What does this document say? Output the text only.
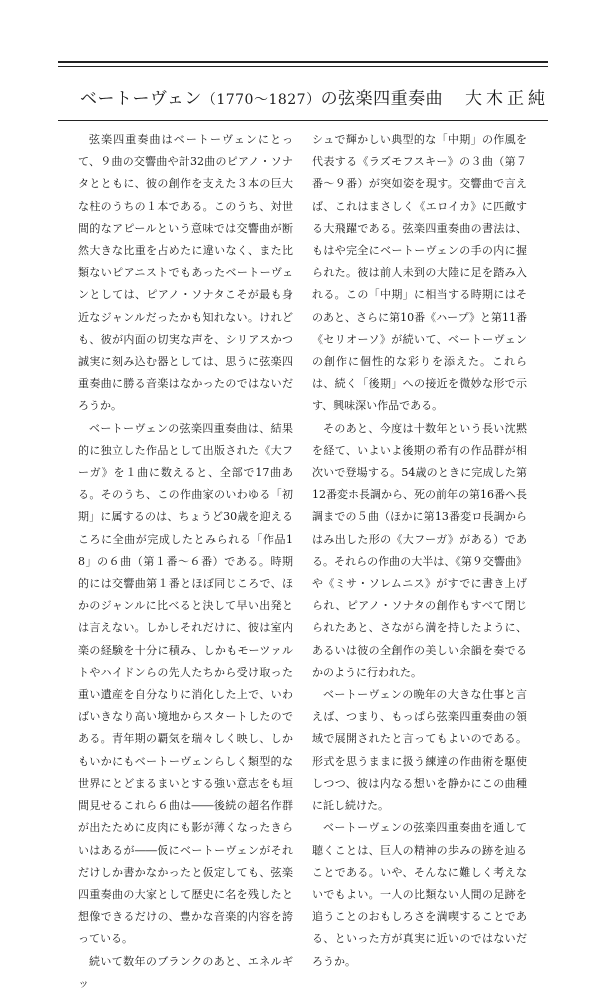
ベートーヴェン（1770〜1827）の弦楽四重奏曲 大木正純

弦楽四重奏曲はベートーヴェンにとって、９曲の交響曲や計32曲のピアノ・ソナタとともに、彼の創作を支えた３本の巨大な柱のうちの１本である。このうち、対世間的なアピールという意味では交響曲が断然大きな比重を占めたに違いなく、また比類ないピアニストでもあったベートーヴェンとしては、ピアノ・ソナタこそが最も身近なジャンルだったかも知れない。けれども、彼が内面の切実な声を、シリアスかつ誠実に刻み込む器としては、思うに弦楽四重奏曲に勝る音楽はなかったのではないだろうか。

ベートーヴェンの弦楽四重奏曲は、結果的に独立した作品として出版された《大フーガ》を１曲に数えると、全部で17曲ある。そのうち、この作曲家のいわゆる「初期」に属するのは、ちょうど30歳を迎えるころに全曲が完成したとみられる「作品18」の６曲（第１番〜６番）である。時期的には交響曲第１番とほぼ同じころで、ほかのジャンルに比べると決して早い出発とは言えない。しかしそれだけに、彼は室内楽の経験を十分に積み、しかもモーツァルトやハイドンらの先人たちから受け取った重い遺産を自分なりに消化した上で、いわばいきなり高い境地からスタートしたのである。青年期の覇気を瑞々しく映し、しかもいかにもベートーヴェンらしく類型的な世界にとどまるまいとする強い意志をも垣間見せるこれら６曲は――後続の超名作群が出たために皮肉にも影が薄くなったきらいはあるが――仮にベートーヴェンがそれだけしか書かなかったと仮定しても、弦楽四重奏曲の大家として歴史に名を残したと想像できるだけの、豊かな音楽的内容を誇っている。

続いて数年のブランクのあと、エネルギッ

シュで輝かしい典型的な「中期」の作風を代表する《ラズモフスキー》の３曲（第７番〜９番）が突如姿を現す。交響曲で言えば、これはまさしく《エロイカ》に匹敵する大飛躍である。弦楽四重奏曲の書法は、もはや完全にベートーヴェンの手の内に握られた。彼は前人未到の大陸に足を踏み入れる。この「中期」に相当する時期にはそのあと、さらに第10番《ハープ》と第11番《セリオーソ》が続いて、ベートーヴェンの創作に個性的な彩りを添えた。これらは、続く「後期」への接近を微妙な形で示す、興味深い作品である。

そのあと、今度は十数年という長い沈黙を経て、いよいよ後期の希有の作品群が相次いで登場する。54歳のときに完成した第12番変ホ長調から、死の前年の第16番ヘ長調までの５曲（ほかに第13番変ロ長調からはみ出した形の《大フーガ》がある）である。それらの作曲の大半は、《第９交響曲》や《ミサ・ソレムニス》がすでに書き上げられ、ピアノ・ソナタの創作もすべて閉じられたあと、さながら満を持したように、あるいは彼の全創作の美しい余韻を奏でるかのように行われた。

ベートーヴェンの晩年の大きな仕事と言えば、つまり、もっぱら弦楽四重奏曲の領域で展開されたと言ってもよいのである。形式を思うままに扱う練達の作曲術を駆使しつつ、彼は内なる想いを静かにこの曲種に託し続けた。

ベートーヴェンの弦楽四重奏曲を通して聴くことは、巨人の精神の歩みの跡を辿ることである。いや、そんなに難しく考えないでもよい。一人の比類ない人間の足跡を追うことのおもしろさを満喫することである、といった方が真実に近いのではないだろうか。
